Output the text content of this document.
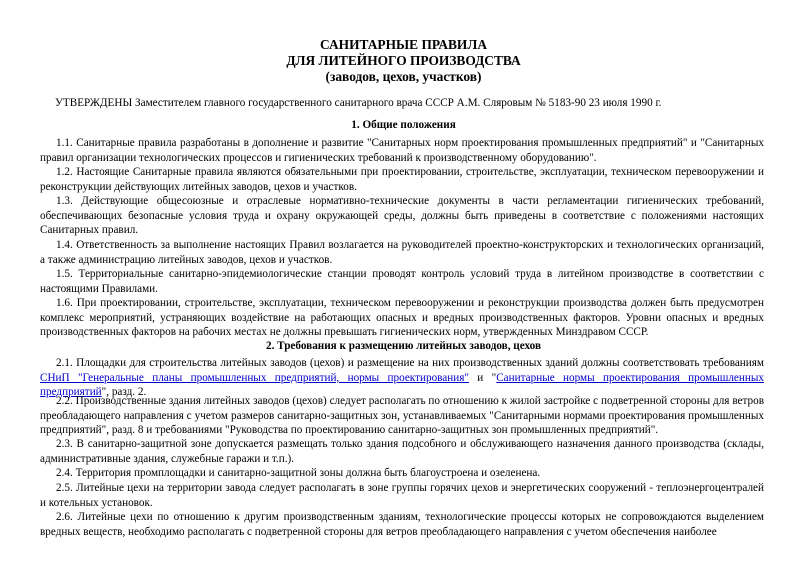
САНИТАРНЫЕ ПРАВИЛА
ДЛЯ ЛИТЕЙНОГО ПРОИЗВОДСТВА
(заводов, цехов, участков)
УТВЕРЖДЕНЫ Заместителем главного государственного санитарного врача СССР А.М. Сляровым № 5183-90 23 июля 1990 г.
1. Общие положения

1.1. Санитарные правила разработаны в дополнение и развитие "Санитарных норм проектирования промышленных предприятий" и "Санитарных правил организации технологических процессов и гигиенических требований к производственному оборудованию".

1.2. Настоящие Санитарные правила являются обязательными при проектировании, строительстве, эксплуатации, техническом перевооружении и реконструкции действующих литейных заводов, цехов и участков.

1.3. Действующие общесоюзные и отраслевые нормативно-технические документы в части регламентации гигиенических требований, обеспечивающих безопасные условия труда и охрану окружающей среды, должны быть приведены в соответствие с положениями настоящих Санитарных правил.

1.4. Ответственность за выполнение настоящих Правил возлагается на руководителей проектно-конструкторских и технологических организаций, а также администрацию литейных заводов, цехов и участков.

1.5. Территориальные санитарно-эпидемиологические станции проводят контроль условий труда в литейном производстве в соответствии с настоящими Правилами.

1.6. При проектировании, строительстве, эксплуатации, техническом перевооружении и реконструкции производства должен быть предусмотрен комплекс мероприятий, устраняющих воздействие на работающих опасных и вредных производственных факторов. Уровни опасных и вредных производственных факторов на рабочих местах не должны превышать гигиенических норм, утвержденных Минздравом СССР.

2. Требования к размещению литейных заводов, цехов

2.1. Площадки для строительства литейных заводов (цехов) и размещение на них производственных зданий должны соответствовать требованиям СНиП "Генеральные планы промышленных предприятий, нормы проектирования" и "Санитарные нормы проектирования промышленных предприятий", разд. 2.

2.2. Производственные здания литейных заводов (цехов) следует располагать по отношению к жилой застройке с подветренной стороны для ветров преобладающего направления с учетом размеров санитарно-защитных зон, устанавливаемых "Санитарными нормами проектирования промышленных предприятий", разд. 8 и требованиями "Руководства по проектированию санитарно-защитных зон промышленных предприятий".

2.3. В санитарно-защитной зоне допускается размещать только здания подсобного и обслуживающего назначения данного производства (склады, административные здания, служебные гаражи и т.п.).

2.4. Территория промплощадки и санитарно-защитной зоны должна быть благоустроена и озеленена.

2.5. Литейные цехи на территории завода следует располагать в зоне группы горячих цехов и энергетических сооружений - теплоэнергоцентралей и котельных установок.

2.6. Литейные цехи по отношению к другим производственным зданиям, технологические процессы которых не сопровождаются выделением вредных веществ, необходимо располагать с подветренной стороны для ветров преобладающего направления с учетом обеспечения наиболее
